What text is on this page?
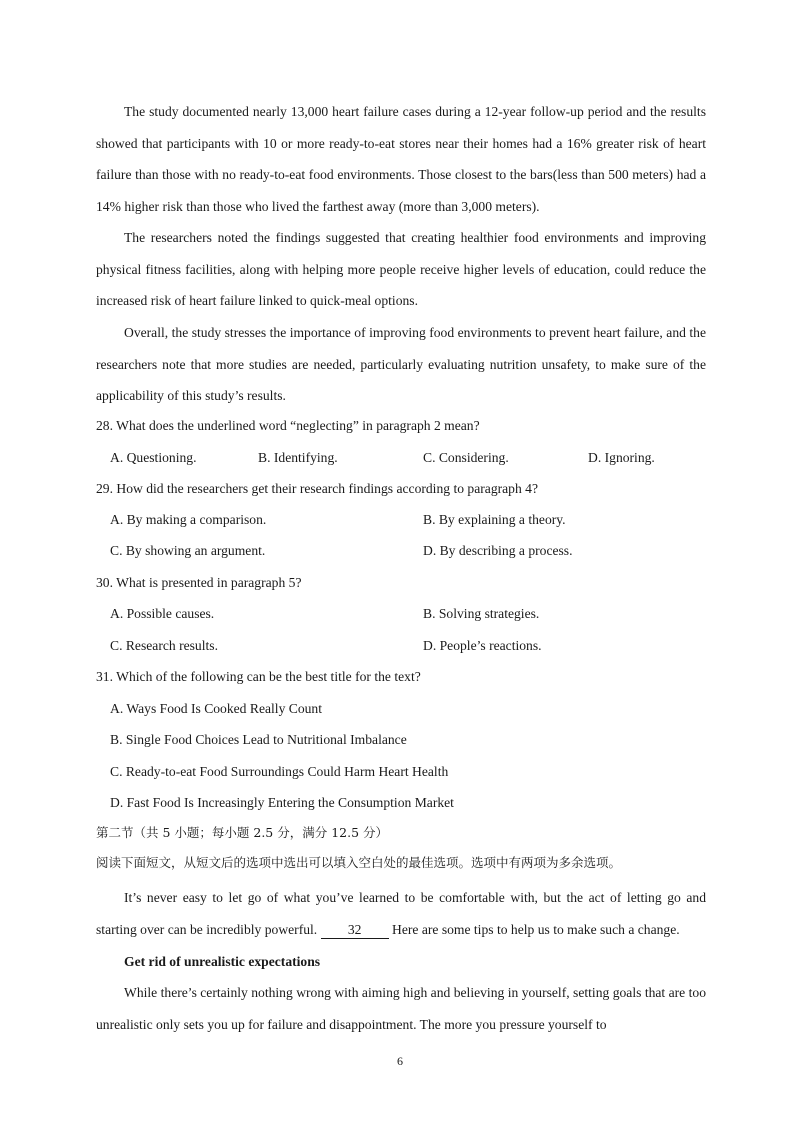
The study documented nearly 13,000 heart failure cases during a 12-year follow-up period and the results showed that participants with 10 or more ready-to-eat stores near their homes had a 16% greater risk of heart failure than those with no ready-to-eat food environments. Those closest to the bars(less than 500 meters) had a 14% higher risk than those who lived the farthest away (more than 3,000 meters).

The researchers noted the findings suggested that creating healthier food environments and improving physical fitness facilities, along with helping more people receive higher levels of education, could reduce the increased risk of heart failure linked to quick-meal options.

Overall, the study stresses the importance of improving food environments to prevent heart failure, and the researchers note that more studies are needed, particularly evaluating nutrition unsafety, to make sure of the applicability of this study’s results.

28. What does the underlined word “neglecting” in paragraph 2 mean?
A. Questioning.	B. Identifying.	C. Considering.	D. Ignoring.
29. How did the researchers get their research findings according to paragraph 4?
A. By making a comparison.	B. By explaining a theory.
C. By showing an argument.	D. By describing a process.
30. What is presented in paragraph 5?
A. Possible causes.	B. Solving strategies.
C. Research results.	D. People’s reactions.
31. Which of the following can be the best title for the text?
A. Ways Food Is Cooked Really Count
B. Single Food Choices Lead to Nutritional Imbalance
C. Ready-to-eat Food Surroundings Could Harm Heart Health
D. Fast Food Is Increasingly Entering the Consumption Market
第二节（共 5 小题；每小题 2.5 分，满分 12.5 分）
阅读下面短文，从短文后的选项中选出可以填入空白处的最佳选项。选项中有两项为多余选项。

It’s never easy to let go of what you’ve learned to be comfortable with, but the act of letting go and starting over can be incredibly powerful. 32 Here are some tips to help us to make such a change.

Get rid of unrealistic expectations

While there’s certainly nothing wrong with aiming high and believing in yourself, setting goals that are too unrealistic only sets you up for failure and disappointment. The more you pressure yourself to

6
